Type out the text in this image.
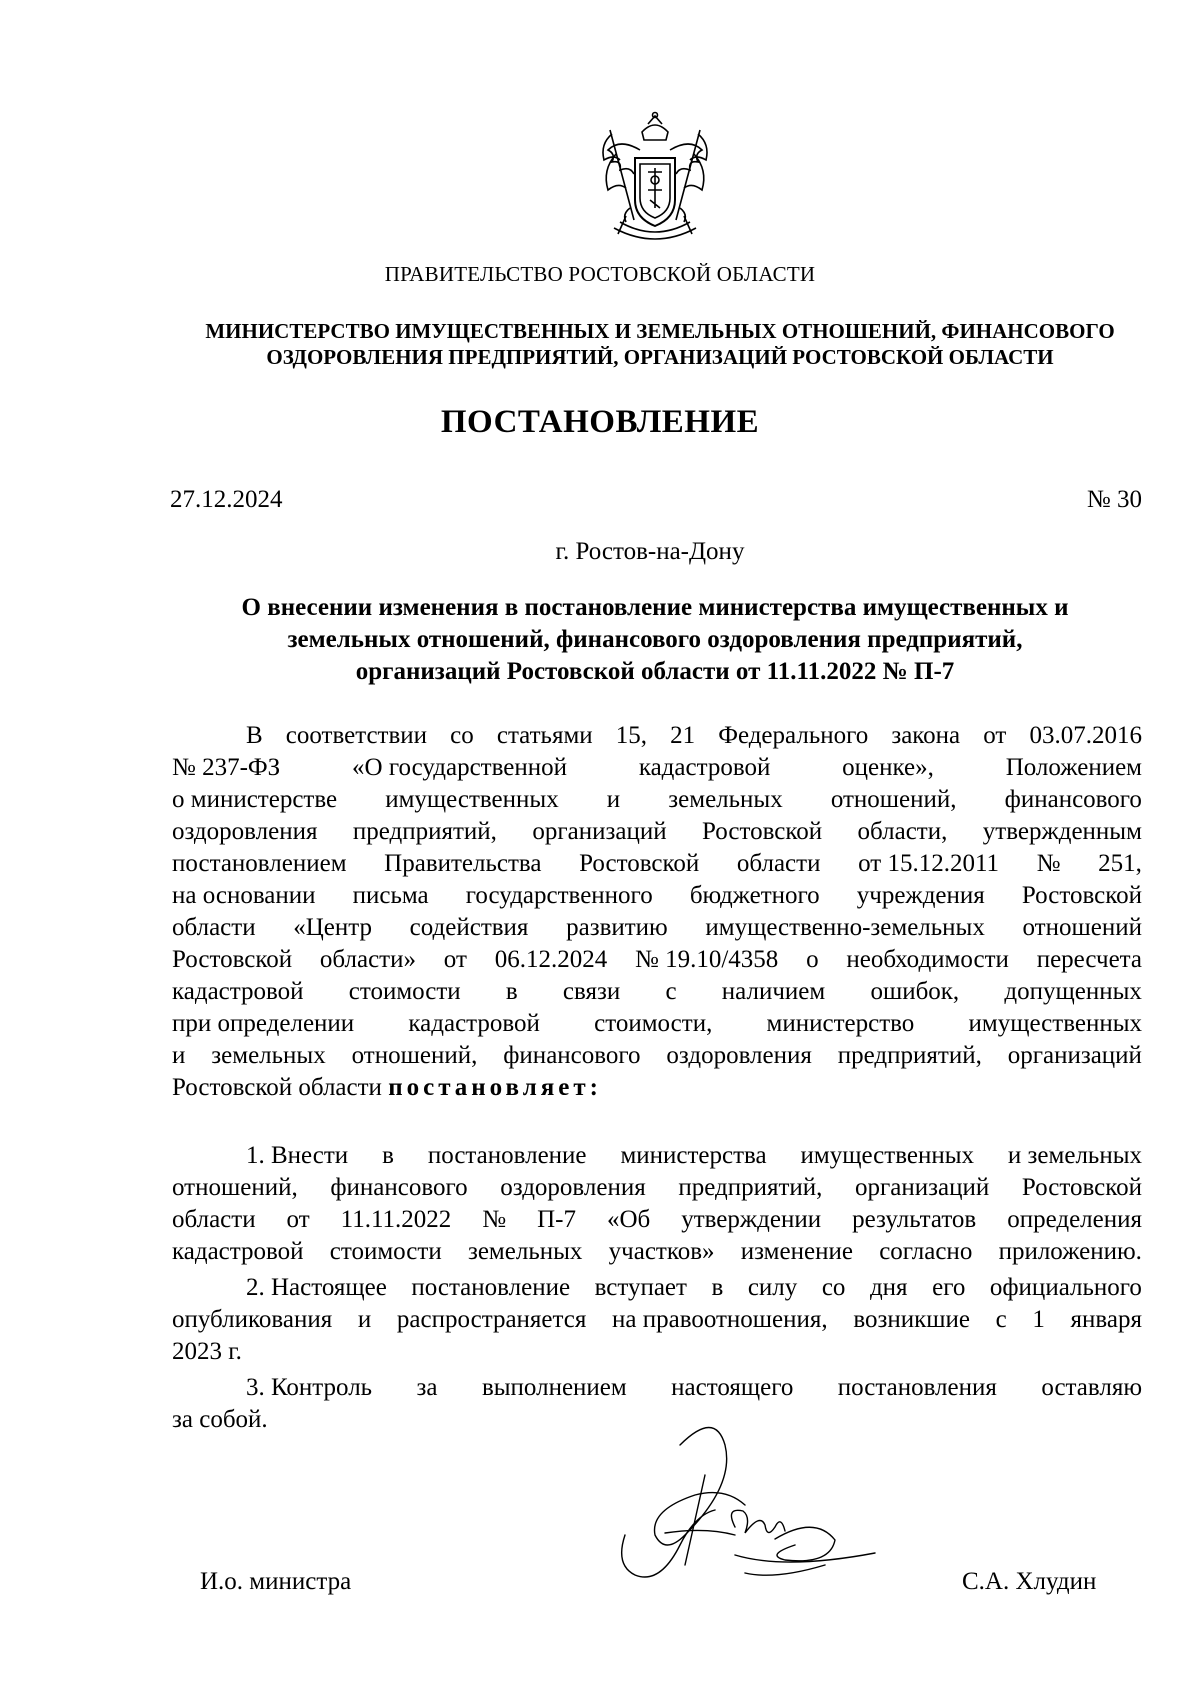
ПРАВИТЕЛЬСТВО РОСТОВСКОЙ ОБЛАСТИ
МИНИСТЕРСТВО ИМУЩЕСТВЕННЫХ И ЗЕМЕЛЬНЫХ ОТНОШЕНИЙ, ФИНАНСОВОГО
ОЗДОРОВЛЕНИЯ ПРЕДПРИЯТИЙ, ОРГАНИЗАЦИЙ РОСТОВСКОЙ ОБЛАСТИ
ПОСТАНОВЛЕНИЕ
27.12.2024	№ 30
г. Ростов-на-Дону
О внесении изменения в постановление министерства имущественных и
земельных отношений, финансового оздоровления предприятий,
организаций Ростовской области от 11.11.2022 № П-7
В соответствии со статьями 15, 21 Федерального закона от 03.07.2016
№ 237-ФЗ	«О государственной	кадастровой	оценке»,	Положением
о министерстве имущественных и земельных отношений, финансового
оздоровления предприятий, организаций Ростовской области, утвержденным
постановлением Правительства Ростовской области от 15.12.2011 № 251,
на основании письма государственного бюджетного учреждения Ростовской
области «Центр содействия развитию имущественно-земельных отношений
Ростовской области» от 06.12.2024 № 19.10/4358 о необходимости пересчета
кадастровой стоимости в связи с наличием ошибок, допущенных
при определении кадастровой стоимости, министерство имущественных
и земельных отношений, финансового оздоровления предприятий, организаций
Ростовской области постановляет:
1. Внести в постановление министерства имущественных и земельных
отношений, финансового оздоровления предприятий, организаций Ростовской
области от 11.11.2022 № П-7 «Об утверждении результатов определения
кадастровой стоимости земельных участков» изменение согласно приложению.
2. Настоящее постановление вступает в силу со дня его официального
опубликования и распространяется на правоотношения, возникшие с 1 января
2023 г.
3. Контроль за выполнением настоящего постановления оставляю
за собой.
И.о. министра	С.А. Хлудин
